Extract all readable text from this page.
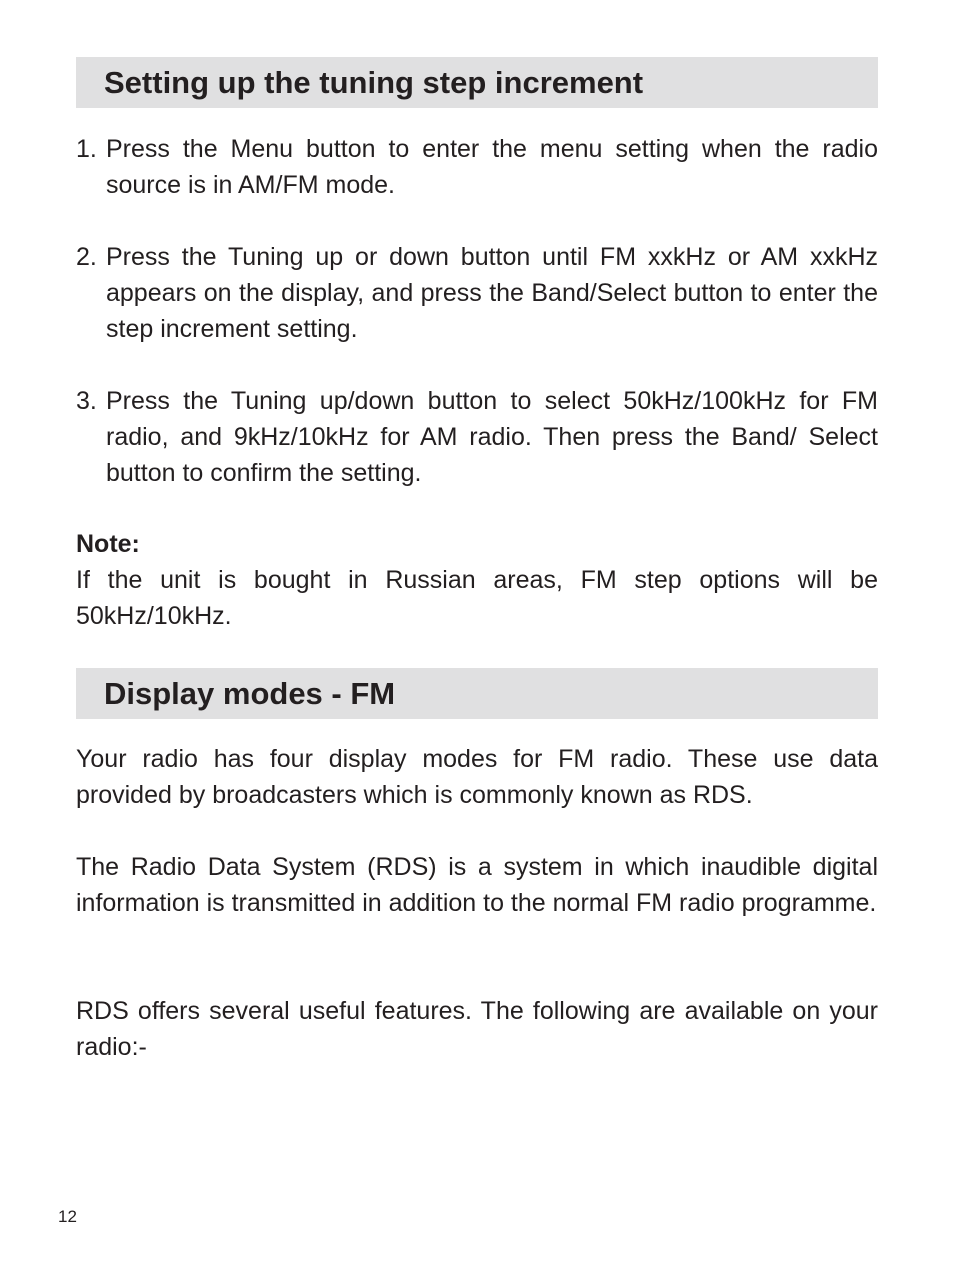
Setting up the tuning step increment
1. Press the Menu button to enter the menu setting when the radio source is in AM/FM mode.
2. Press the Tuning up or down button until FM xxkHz or AM xxkHz appears on the display, and press the Band/Select button to enter the step increment setting.
3. Press the Tuning up/down button to select 50kHz/100kHz for FM radio, and 9kHz/10kHz for AM radio. Then press the Band/ Select button to confirm the setting.

Note:
If the unit is bought in Russian areas, FM step options will be 50kHz/10kHz.

Display modes - FM

Your radio has four display modes for FM radio. These use data provided by broadcasters which is commonly known as RDS.

The Radio Data System (RDS) is a system in which inaudible digital information is transmitted in addition to the normal FM radio programme.

RDS offers several useful features. The following are available on your radio:-

12
